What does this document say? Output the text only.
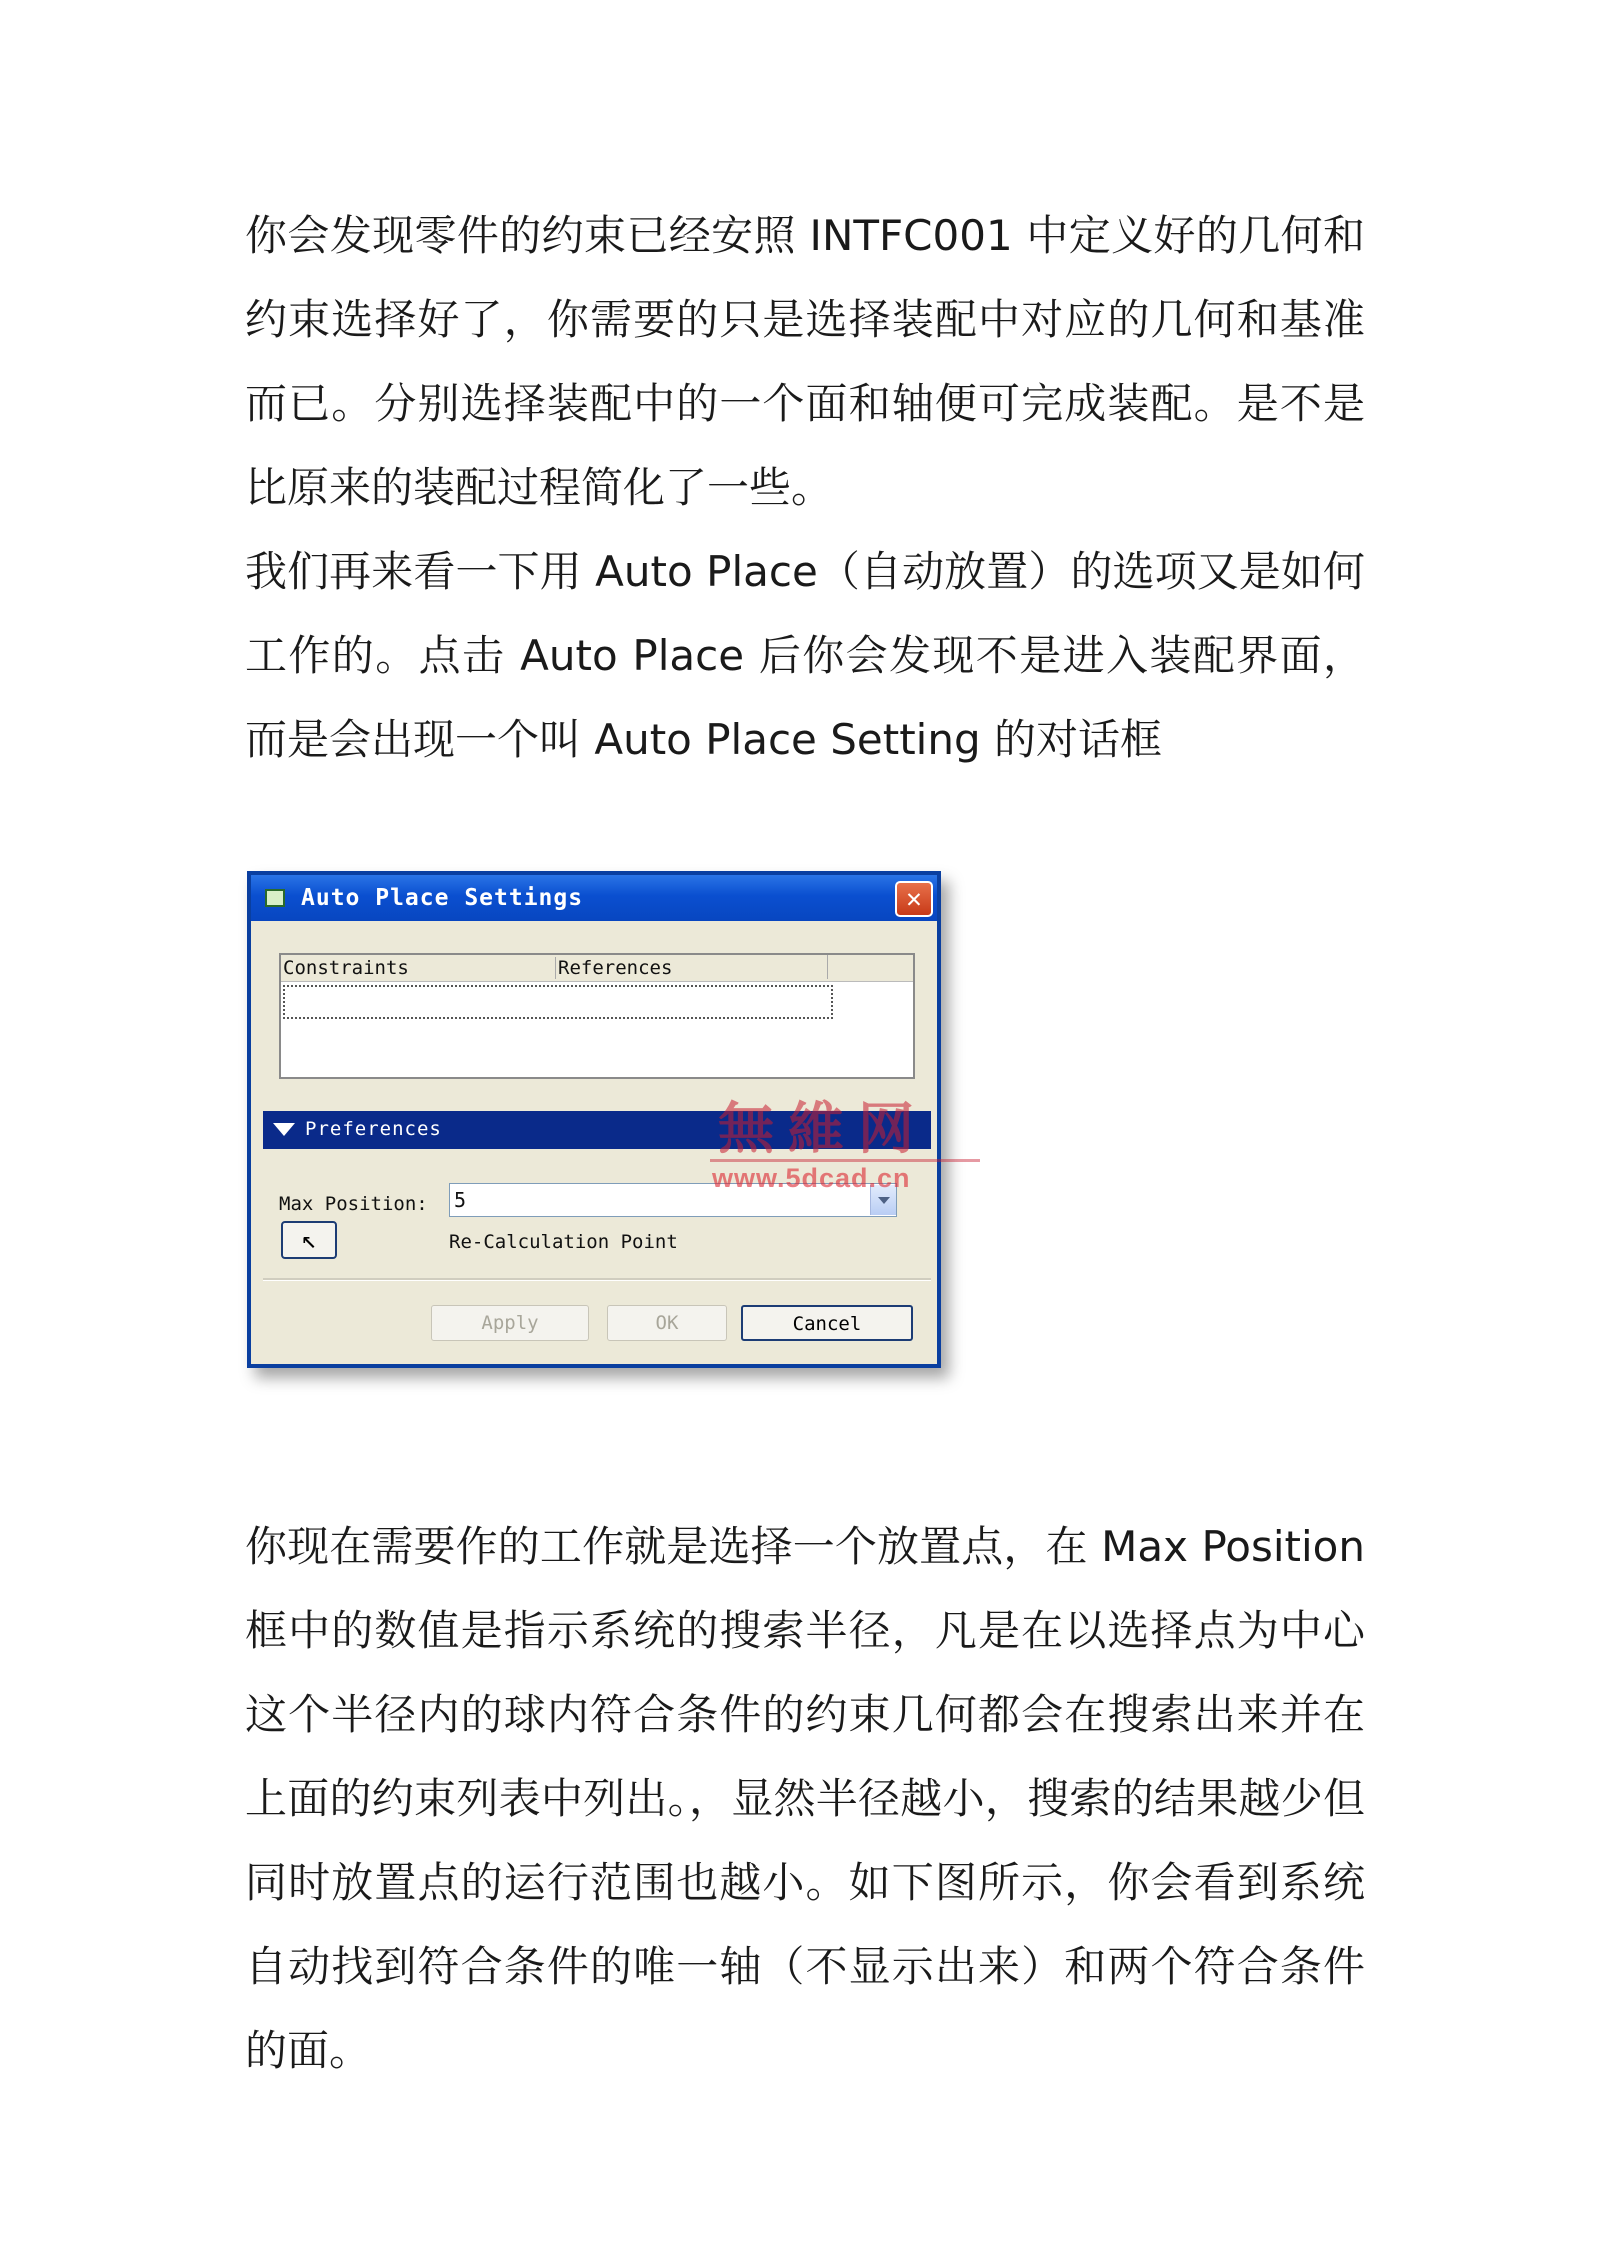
你会发现零件的约束已经安照 INTFC001 中定义好的几何和约束选择好了，你需要的只是选择装配中对应的几何和基准而已。分别选择装配中的一个面和轴便可完成装配。是不是比原来的装配过程简化了一些。
我们再来看一下用 Auto Place（自动放置）的选项又是如何工作的。点击 Auto Place 后你会发现不是进入装配界面，而是会出现一个叫 Auto Place Setting 的对话框
Auto Place Settings	✕
Constraints	References
Preferences
Max Position: 5
↖	Re-Calculation Point
Apply	OK	Cancel
無維网
www.5dcad.cn
你现在需要作的工作就是选择一个放置点，在 Max Position 框中的数值是指示系统的搜索半径，凡是在以选择点为中心这个半径内的球内符合条件的约束几何都会在搜索出来并在上面的约束列表中列出。，显然半径越小，搜索的结果越少但同时放置点的运行范围也越小。如下图所示，你会看到系统自动找到符合条件的唯一轴（不显示出来）和两个符合条件的面。
